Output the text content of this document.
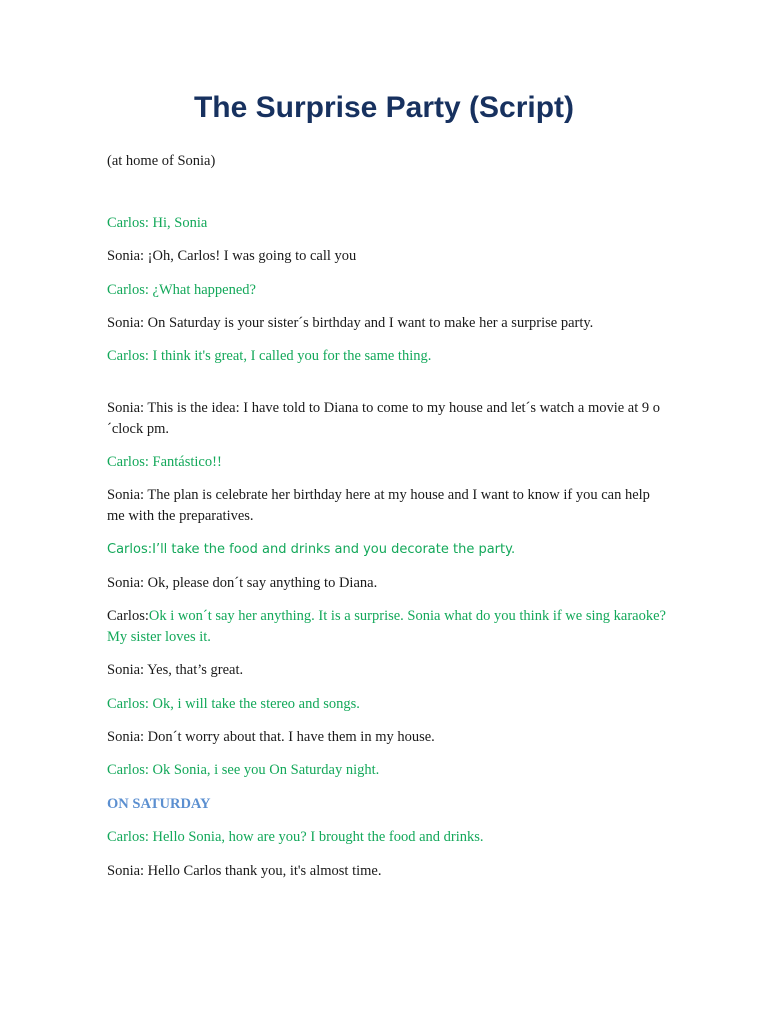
The Surprise Party (Script)

(at home of Sonia)

Carlos: Hi, Sonia

Sonia: ¡Oh, Carlos! I was going to call you

Carlos: ¿What happened?

Sonia: On Saturday is your sister´s birthday and I want to make her a surprise party.

Carlos: I think it's great, I called you for the same thing.

Sonia: This is the idea: I have told to Diana to come to my house and let´s watch a movie at 9 o´clock pm.

Carlos: Fantástico!!

Sonia: The plan is celebrate her birthday here at my house and I want to know if you can help me with the preparatives.

Carlos:I’ll take the food and drinks and you decorate the party.

Sonia: Ok, please don´t say anything to Diana.

Carlos:Ok i won´t say her anything. It is a surprise. Sonia what do you think if we sing karaoke? My sister loves it.

Sonia: Yes, that’s great.

Carlos: Ok, i will take the stereo and songs.

Sonia: Don´t worry about that. I have them in my house.

Carlos: Ok Sonia, i see you On Saturday night.

ON SATURDAY

Carlos: Hello Sonia, how are you? I brought the food and drinks.

Sonia: Hello Carlos thank you, it's almost time.
